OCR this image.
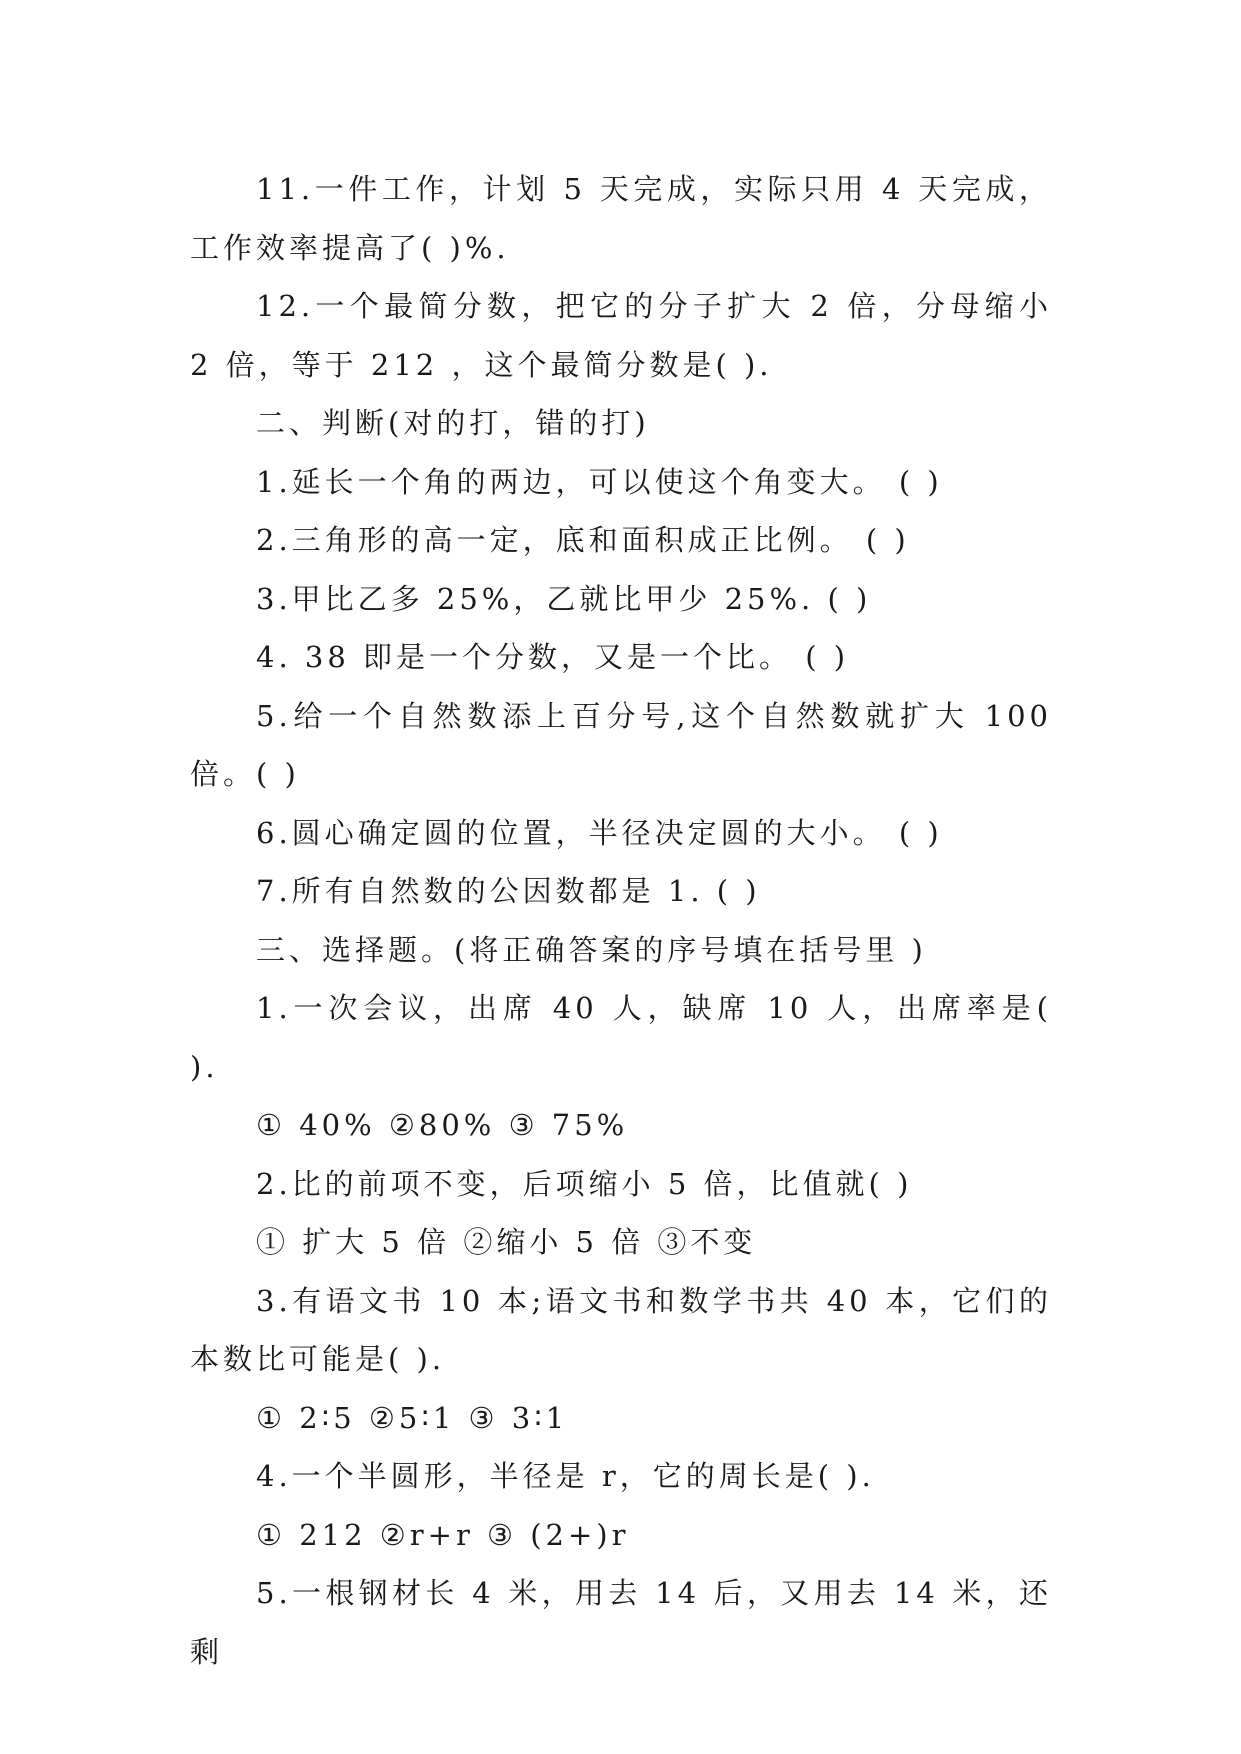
11.一件工作，计划 5 天完成，实际只用 4 天完成，工作效率提高了( )%.

12.一个最简分数，把它的分子扩大 2 倍，分母缩小 2 倍，等于 212 ，这个最简分数是( ).

二、判断(对的打，错的打)

1.延长一个角的两边，可以使这个角变大。 ( )

2.三角形的高一定，底和面积成正比例。 ( )

3.甲比乙多 25%，乙就比甲少 25%. ( )

4. 38 即是一个分数，又是一个比。 ( )

5.给一个自然数添上百分号,这个自然数就扩大 100 倍。( )

6.圆心确定圆的位置，半径决定圆的大小。 ( )

7.所有自然数的公因数都是 1. ( )

三、选择题。(将正确答案的序号填在括号里 )

1.一次会议，出席 40 人，缺席 10 人，出席率是( ).

① 40% ②80% ③ 75%

2.比的前项不变，后项缩小 5 倍，比值就( )

① 扩大 5 倍 ②缩小 5 倍 ③不变

3.有语文书 10 本;语文书和数学书共 40 本，它们的本数比可能是( ).

① 2∶5 ②5∶1 ③ 3∶1

4.一个半圆形，半径是 r，它的周长是( ).

① 212 ②r+r ③ (2+)r

5.一根钢材长 4 米，用去 14 后，又用去 14 米，还剩
